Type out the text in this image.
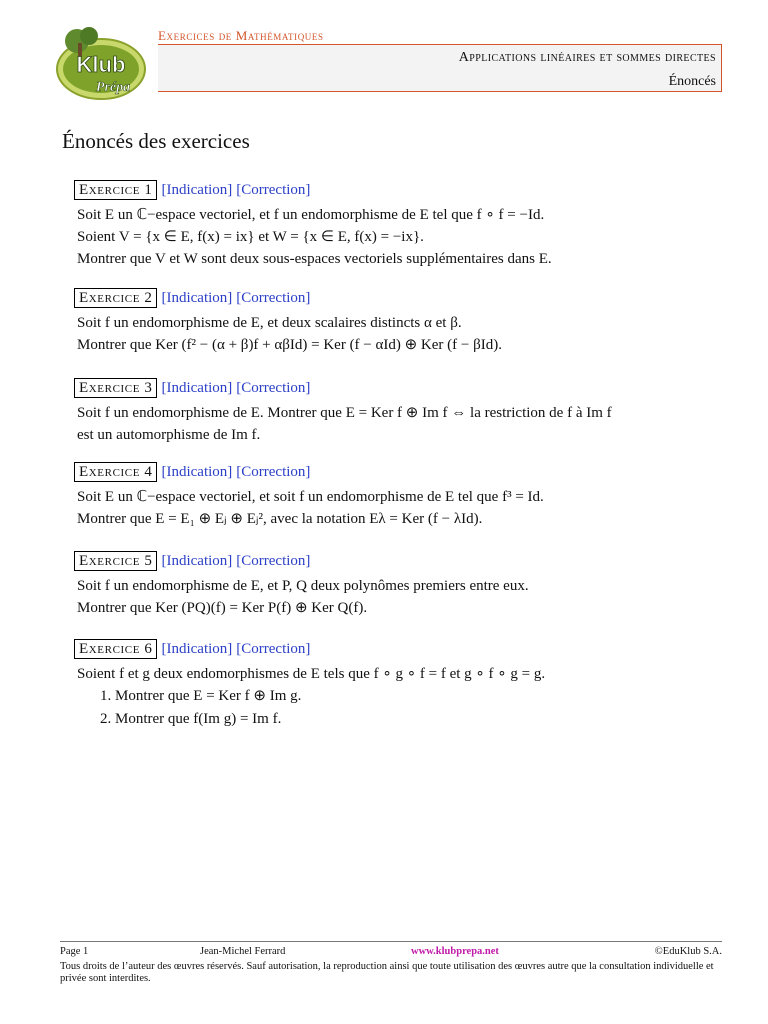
Klub
Prépa
Exercices de Mathématiques
Applications linéaires et sommes directes
Énoncés
Énoncés des exercices
Exercice 1 [Indication] [Correction]

Soit E un ℂ−espace vectoriel, et f un endomorphisme de E tel que f ∘ f = −Id.

Soient V = {x ∈ E, f(x) = ix} et W = {x ∈ E, f(x) = −ix}.

Montrer que V et W sont deux sous-espaces vectoriels supplémentaires dans E.

Exercice 2 [Indication] [Correction]

Soit f un endomorphisme de E, et deux scalaires distincts α et β.

Montrer que Ker (f² − (α + β)f + αβId) = Ker (f − αId) ⊕ Ker (f − βId).

Exercice 3 [Indication] [Correction]

Soit f un endomorphisme de E. Montrer que E = Ker f ⊕ Im f ⇔ la restriction de f à Im f

est un automorphisme de Im f.

Exercice 4 [Indication] [Correction]

Soit E un ℂ−espace vectoriel, et soit f un endomorphisme de E tel que f³ = Id.

Montrer que E = E₁ ⊕ Eⱼ ⊕ Eⱼ², avec la notation Eλ = Ker (f − λId).

Exercice 5 [Indication] [Correction]

Soit f un endomorphisme de E, et P, Q deux polynômes premiers entre eux.

Montrer que Ker (PQ)(f) = Ker P(f) ⊕ Ker Q(f).

Exercice 6 [Indication] [Correction]

Soient f et g deux endomorphismes de E tels que f ∘ g ∘ f = f et g ∘ f ∘ g = g.

1. Montrer que E = Ker f ⊕ Im g.
2. Montrer que f(Im g) = Im f.
Page 1	Jean-Michel Ferrard	www.klubprepa.net	©EduKlub S.A.
Tous droits de l’auteur des œuvres réservés. Sauf autorisation, la reproduction ainsi que toute utilisation des œuvres autre que la consultation individuelle et privée sont interdites.
